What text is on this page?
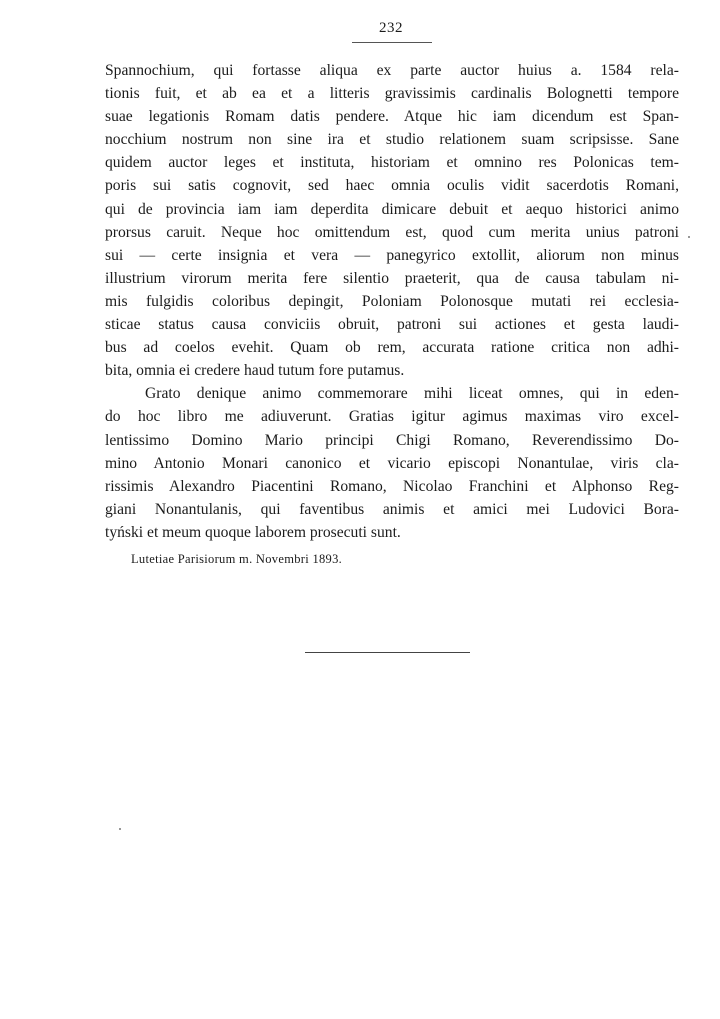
232
Spannochium, qui fortasse aliqua ex parte auctor huius a. 1584 rela-
tionis fuit, et ab ea et a litteris gravissimis cardinalis Bolognetti tempore
suae legationis Romam datis pendere. Atque hic iam dicendum est Span-
nocchium nostrum non sine ira et studio relationem suam scripsisse. Sane
quidem auctor leges et instituta, historiam et omnino res Polonicas tem-
poris sui satis cognovit, sed haec omnia oculis vidit sacerdotis Romani,
qui de provincia iam iam deperdita dimicare debuit et aequo historici animo
prorsus caruit. Neque hoc omittendum est, quod cum merita unius patroni
sui — certe insignia et vera — panegyrico extollit, aliorum non minus
illustrium virorum merita fere silentio praeterit, qua de causa tabulam ni-
mis fulgidis coloribus depingit, Poloniam Polonosque mutati rei ecclesia-
sticae status causa conviciis obruit, patroni sui actiones et gesta laudi-
bus ad coelos evehit. Quam ob rem, accurata ratione critica non adhi-
bita, omnia ei credere haud tutum fore putamus.
Grato denique animo commemorare mihi liceat omnes, qui in eden-
do hoc libro me adiuverunt. Gratias igitur agimus maximas viro excel-
lentissimo Domino Mario principi Chigi Romano, Reverendissimo Do-
mino Antonio Monari canonico et vicario episcopi Nonantulae, viris cla-
rissimis Alexandro Piacentini Romano, Nicolao Franchini et Alphonso Reg-
giani Nonantulanis, qui faventibus animis et amici mei Ludovici Bora-
tyński et meum quoque laborem prosecuti sunt.
Lutetiae Parisiorum m. Novembri 1893.
